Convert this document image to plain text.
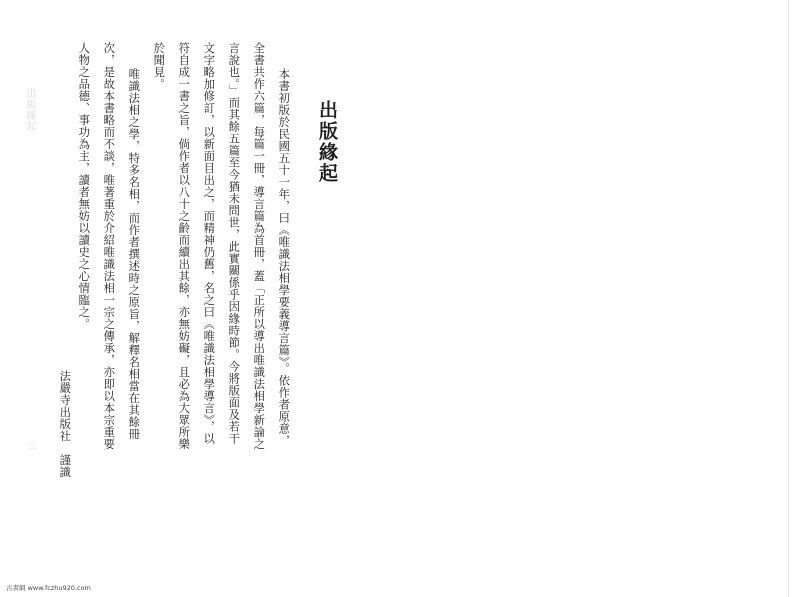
出版緣起
本書初版於民國五十一年，曰《唯識法相學要義導言篇》。依作者原意，
全書共作六篇，每篇一冊，導言篇為首冊，蓋「正所以導出唯識法相學新論之
言說也。」而其餘五篇至今猶未問世，此實關係乎因緣時節。今將版面及若干
文字略加修訂，以新面目出之，而精神仍舊，名之曰《唯識法相學導言》，以
符自成一書之旨，倘作者以八十之齡而續出其餘，亦無妨礙，且必為大眾所樂
於聞見。
唯識法相之學，特多名相，而作者撰述時之原旨，解釋名相當在其餘冊
次，是故本書略而不談，唯著重於介紹唯識法相一宗之傳承，亦即以本宗重要
人物之品德、事功為主，讀者無妨以讀史之心情臨之。
法嚴寺出版社　謹識
出版緣起
三
古書網 www.fczhu920.com
